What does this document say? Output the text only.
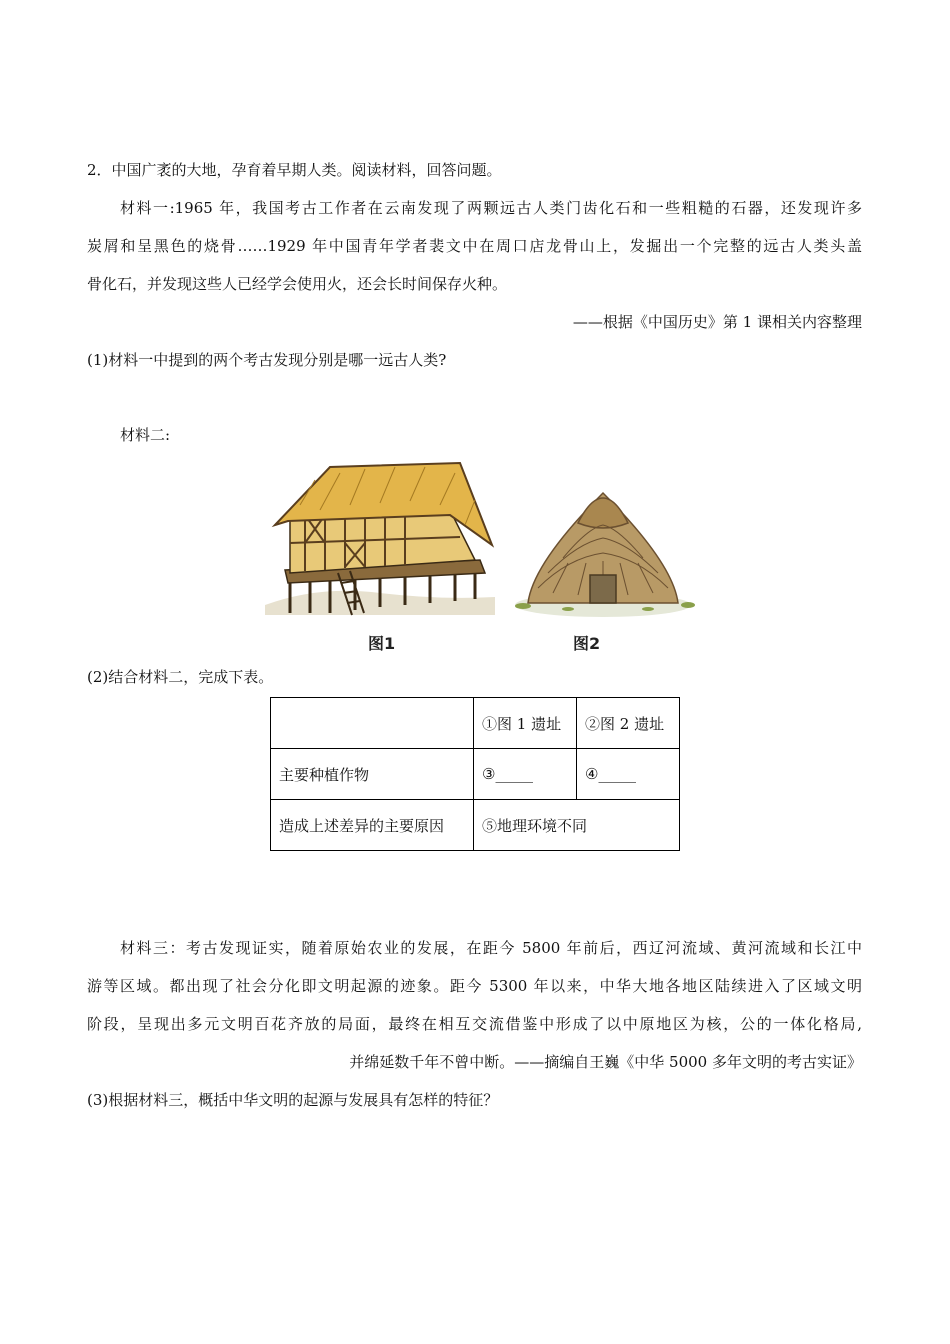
2．中国广袤的大地，孕育着早期人类。阅读材料，回答问题。
材料一:1965 年，我国考古工作者在云南发现了两颗远古人类门齿化石和一些粗糙的石器，还发现许多
炭屑和呈黑色的烧骨……1929 年中国青年学者裴文中在周口店龙骨山上，发掘出一个完整的远古人类头盖
骨化石，并发现这些人已经学会使用火，还会长时间保存火种。
——根据《中国历史》第 1 课相关内容整理
(1)材料一中提到的两个考古发现分别是哪一远古人类?
材料二:
图1	图2
(2)结合材料二，完成下表。
	①图 1 遗址	②图 2 遗址
主要种植作物	③_____	④_____
造成上述差异的主要原因	⑤地理环境不同	
材料三：考古发现证实，随着原始农业的发展，在距今 5800 年前后，西辽河流域、黄河流域和长江中
游等区域。都出现了社会分化即文明起源的迹象。距今 5300 年以来，中华大地各地区陆续进入了区域文明
阶段，呈现出多元文明百花齐放的局面，最终在相互交流借鉴中形成了以中原地区为核，公的一体化格局,
并绵延数千年不曾中断。——摘编自王巍《中华 5000 多年文明的考古实证》
(3)根据材料三，概括中华文明的起源与发展具有怎样的特征？
